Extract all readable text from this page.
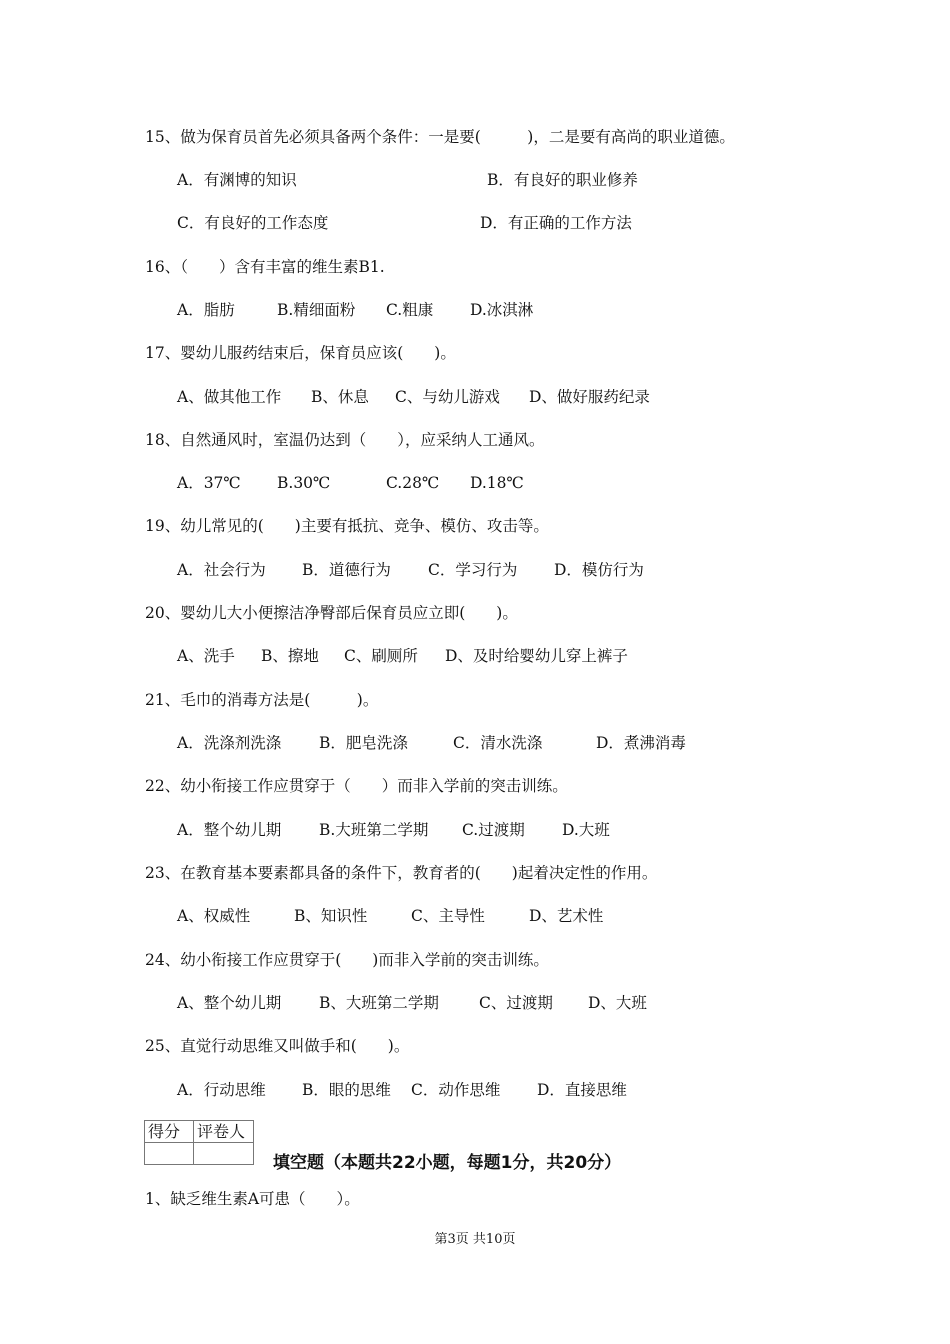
15、做为保育员首先必须具备两个条件：一是要(　　　)，二是要有高尚的职业道德。
A．有渊博的知识	B．有良好的职业修养
C．有良好的工作态度	D．有正确的工作方法
16、（　　）含有丰富的维生素B1.
A．脂肪	B.精细面粉 C.粗康 D.冰淇淋
17、婴幼儿服药结束后，保育员应该(　　)。
A、做其他工作 B、休息 C、与幼儿游戏 D、做好服药纪录
18、自然通风时，室温仍达到（　　），应采纳人工通风。
A．37℃ B.30℃	C.28℃ D.18℃
19、幼儿常见的(　　)主要有抵抗、竞争、模仿、攻击等。
A．社会行为 B．道德行为 C．学习行为 D．模仿行为
20、婴幼儿大小便擦洁净臀部后保育员应立即(　　)。
A、洗手 B、擦地 C、刷厕所 D、及时给婴幼儿穿上裤子
21、毛巾的消毒方法是(　　　)。
A．洗涤剂洗涤 B．肥皂洗涤	C．清水洗涤	D．煮沸消毒
22、幼小衔接工作应贯穿于（　　）而非入学前的突击训练。
A．整个幼儿期 B.大班第二学期 C.过渡期 D.大班
23、在教育基本要素都具备的条件下，教育者的(　　)起着决定性的作用。
A、权威性	B、知识性	C、主导性	D、艺术性
24、幼小衔接工作应贯穿于(　　)而非入学前的突击训练。
A、整个幼儿期 B、大班第二学期	C、过渡期 D、大班
25、直觉行动思维又叫做手和(　　)。
A．行动思维 B．眼的思维 C．动作思维 D．直接思维
得分	评卷人

填空题（本题共22小题，每题1分，共20分）
1、缺乏维生素A可患（　　）。
第3页 共10页
